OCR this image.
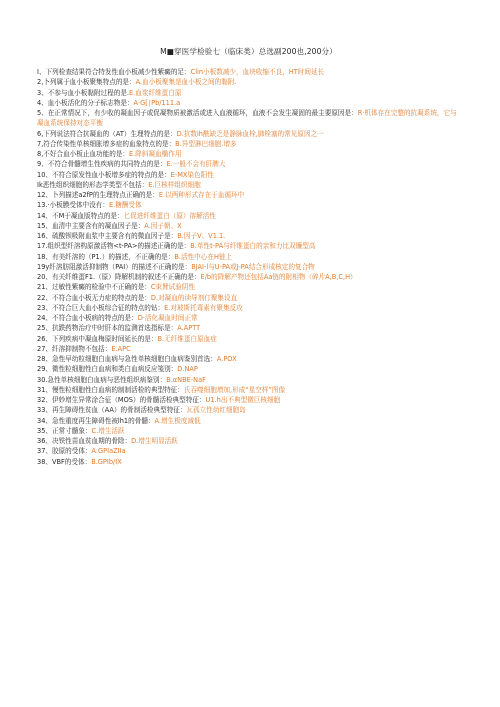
M■穿医学检验七（临床类）总选副200也,200分）
I、下列检查结果符合特发性血小板减少性紫癜的足：Clin小板数减少，血块收缩不良，HT时间延长
2,卜列属于血小板聚集特点的是：A.血小板聚集是血小板之间的黏附.
3、不参与血小板黏附过程的是.E.血浆纤维蛋白原
4、血小板活化的分子标志物是：A·G[∣Pb/111.a
5、在正常情况下，有少收的凝血因子或促凝物质被激活或进入血液循环，血液不会发生凝固的最主要原因是：R·机体存在完整的抗凝系统，它与凝血系统保持对态平衡
6,下列说法符合抗凝血的（AT）生理特点的是：D.抗数ih酰缺乏是静脉血栓,肺栓塞的常见原因之一
7,符合传染性单核细胀增多症的血象特点的是：B.异型淋巴细胞.增多
8,不好合血小板止血功能的是：E.降斜凝血椭作用
9、不符合骨髓增生性疾病的共同特点的是：E.一般不会有肝脾大
10、不符合原发性血小板增多症的特点的是：E-MX染色阳性
Ik恶性组织细胞的形态学类型不包括：E.巨核样组织细胞
12、卜列描述a2fP的生理特点正确的是：E.以两种形式存在于血循环中
13.·小板膜受体中没有：E.糖酬受体
14、不M于凝血版特点的是：匕促进纤维蛋白（原）溶解活性
15、血清中主要含有的凝血因子是：A.因子朝、X
16、硫酸钡吸附血浆中主要含有的微血因子是：B.因子V、V1.1.
17.组织型纤溶构原激活物<t-PA>的描述正确的是：B.单性t-PA与纤维蛋白的亲和力比双镰型高
18、有美纤溶的（P1.）的描述，不正确的是：B.活性中心在H链上
19y纤溶肪阻激活抑制物（PAI）的描述不正确的是：BJAI-l与U-PA或J-PA结合形成核定的复合物
20、有关纤维蛋F1.（原）降解机制的叙述不正确的是：E/b的降解产物还包括Aa链的附相物（碎片A,B,C,H）
21、过敏性紫癜的检验中不正确的是：C束臂试验阴性
22、不符合血小板无力症的特点的是：D.对凝血的读导剂仃聚集设直
23、不符合巨大血小板综合征的特点的钻：E.对玻斯托毒素有聚集反攻
24、不符合血小板病的特点的是：D·活化凝血时间正常
25、抗跌药物治疗中时肝本的监测首选指标是：A.APTT
26、下列疾病中凝血梅原时间延长的是：B.无纤维蛋白原血症
27、纤溶抑制物不包括：E.APC
28、急性早幼粒细胞白血病与急性单核细胞白血病鉴别首选：A.POX
29、微性粒细胞性白血病和类白血病反应笺别：D.NAP
30.急性单核细胞白血病与恶性组织病鉴别：B.αNBE-NaF
31、慢性粒细胞性白血病的制制活检的典型特征：氏吞噬细胞增加,形成“星空样”图像
32、伊妙增生异常涂合征（MOS）的骨髓活检典型特征：U1.h出不典型微巨核细胞
33、再生障碍性贫血（AA）的骨制活检典型特征：瓦孤立性幼红细胞岛
34、急性重度再生障碍性被lh1的骨髓：A.增生极度减低
35、正常寸髓象：C.增生活跃
36、决铁性苗血贫血期的骨除：D.增生明显活跃
37、胶原的受体：A.GPIaZIIa
38、VBF的受体：B.GPIb/IX
